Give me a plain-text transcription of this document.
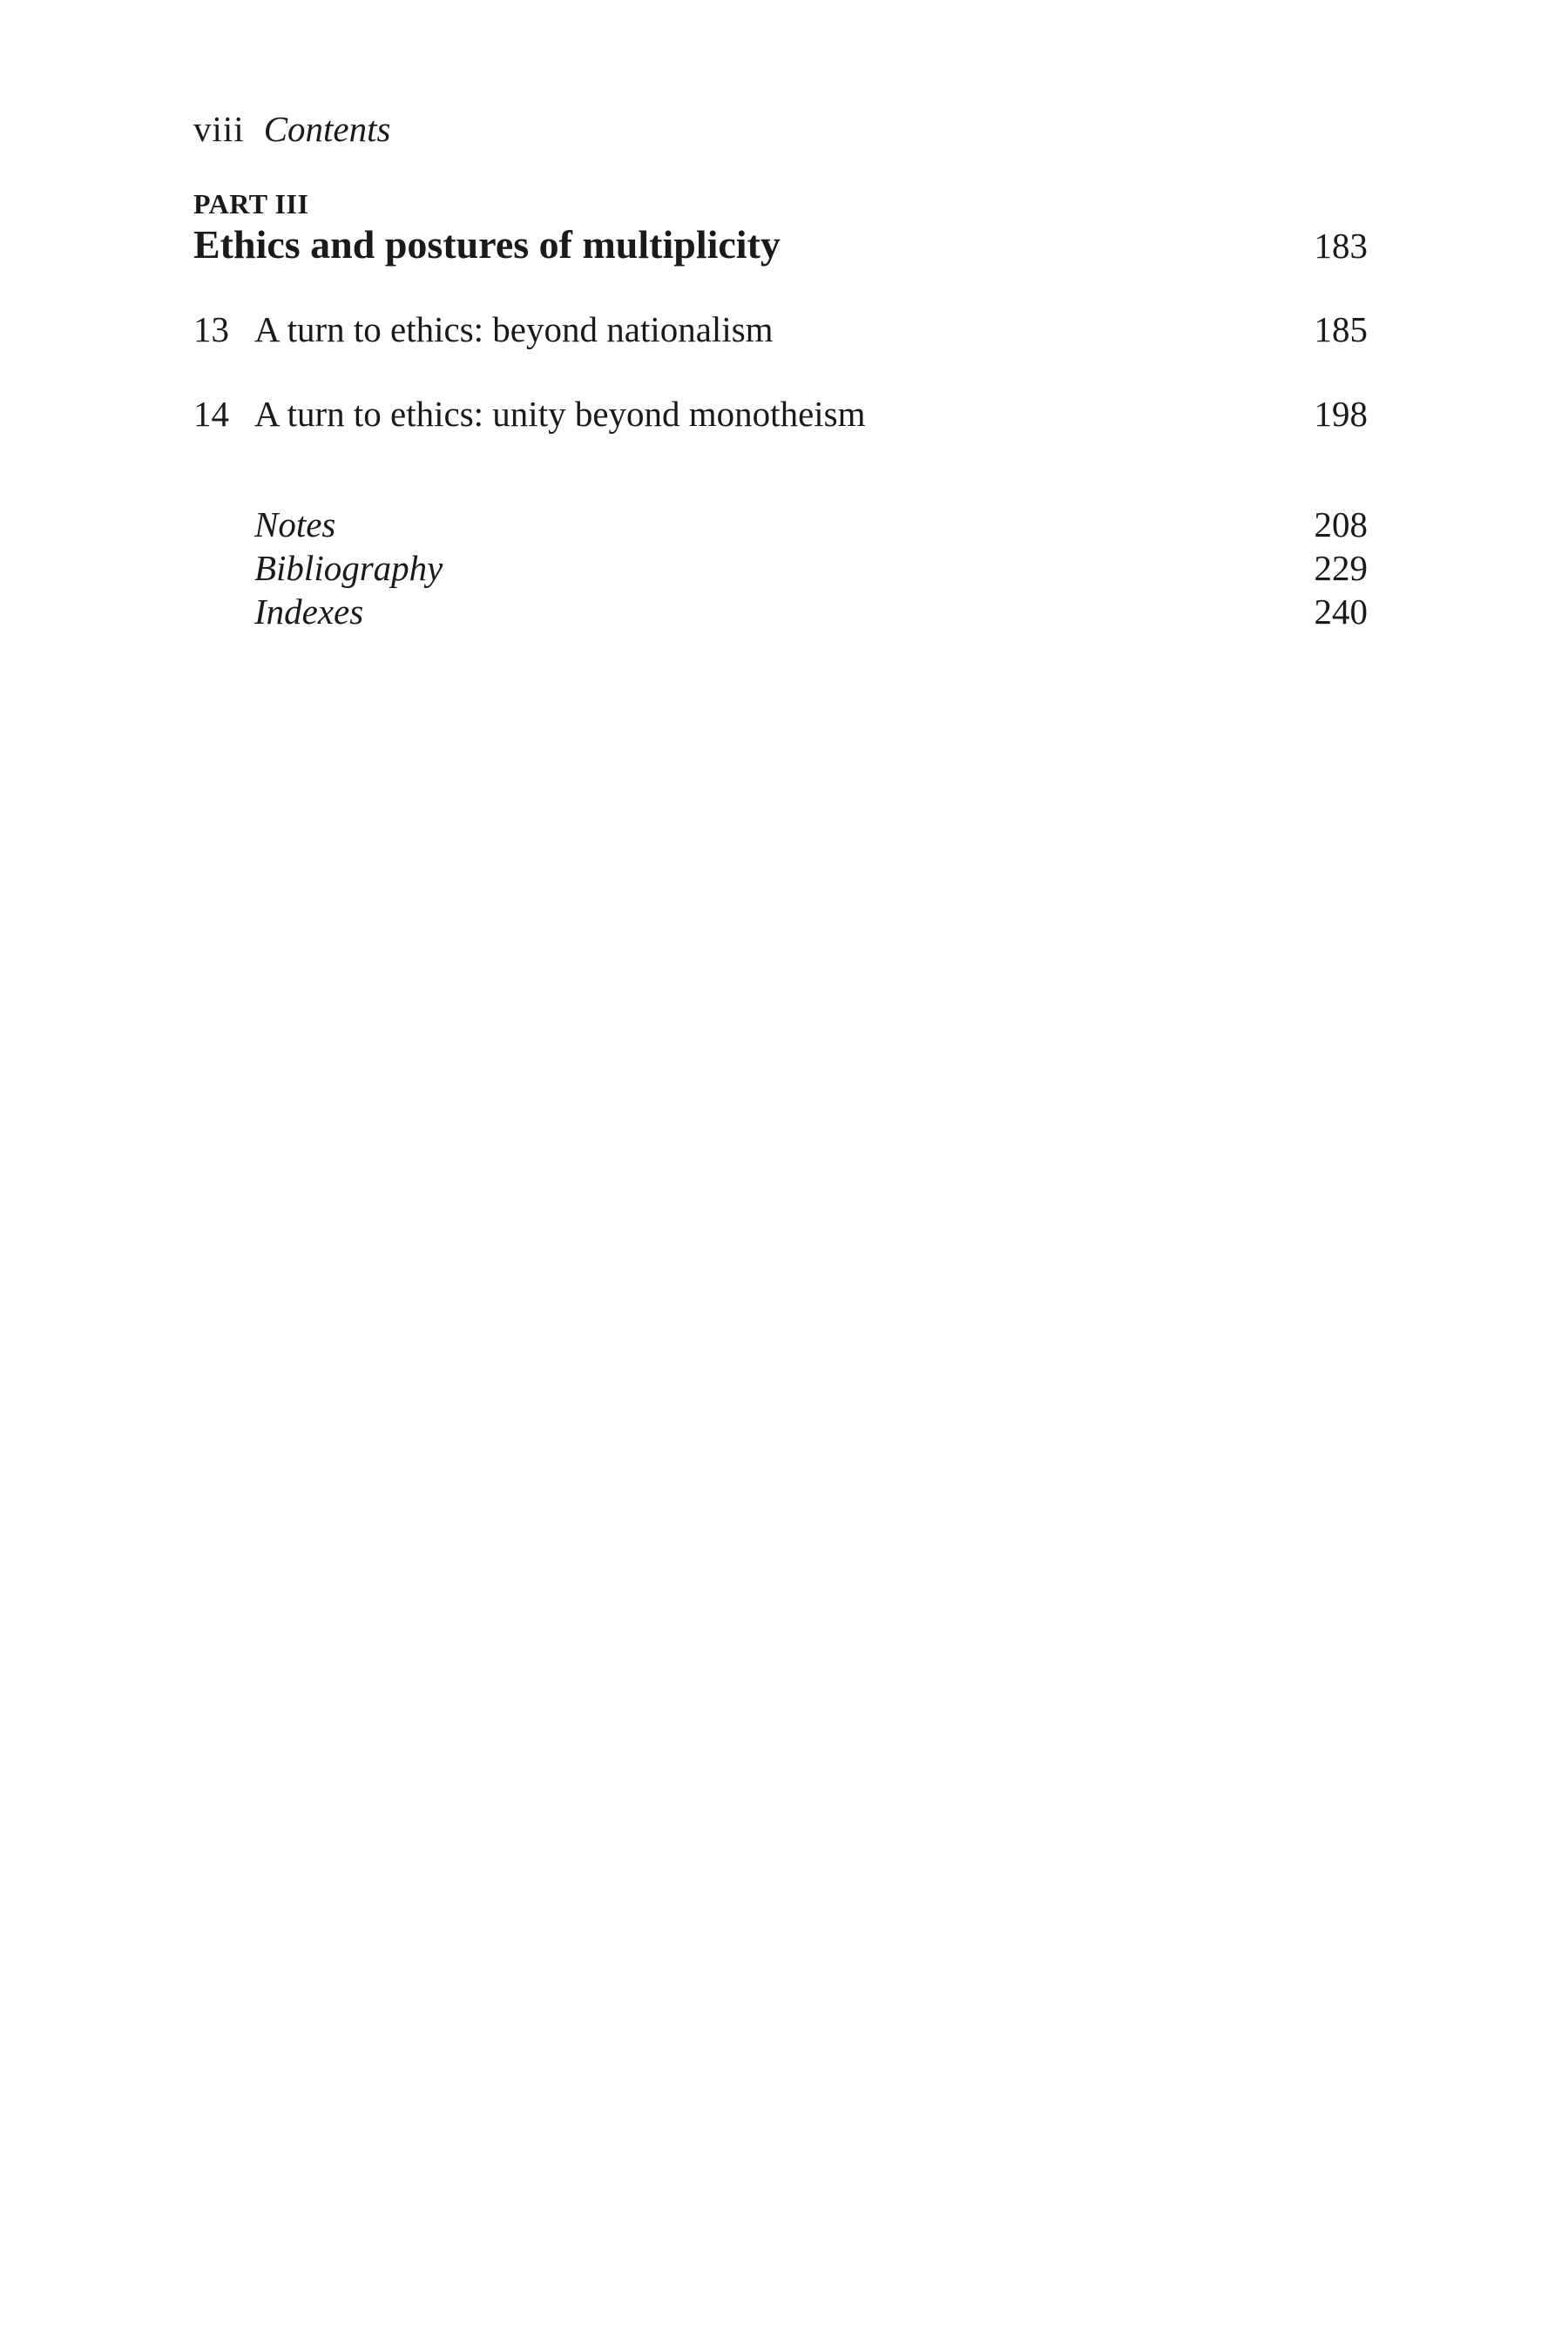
viii Contents
PART III
Ethics and postures of multiplicity	183
13 A turn to ethics: beyond nationalism	185
14 A turn to ethics: unity beyond monotheism	198
Notes	208
Bibliography	229
Indexes	240
